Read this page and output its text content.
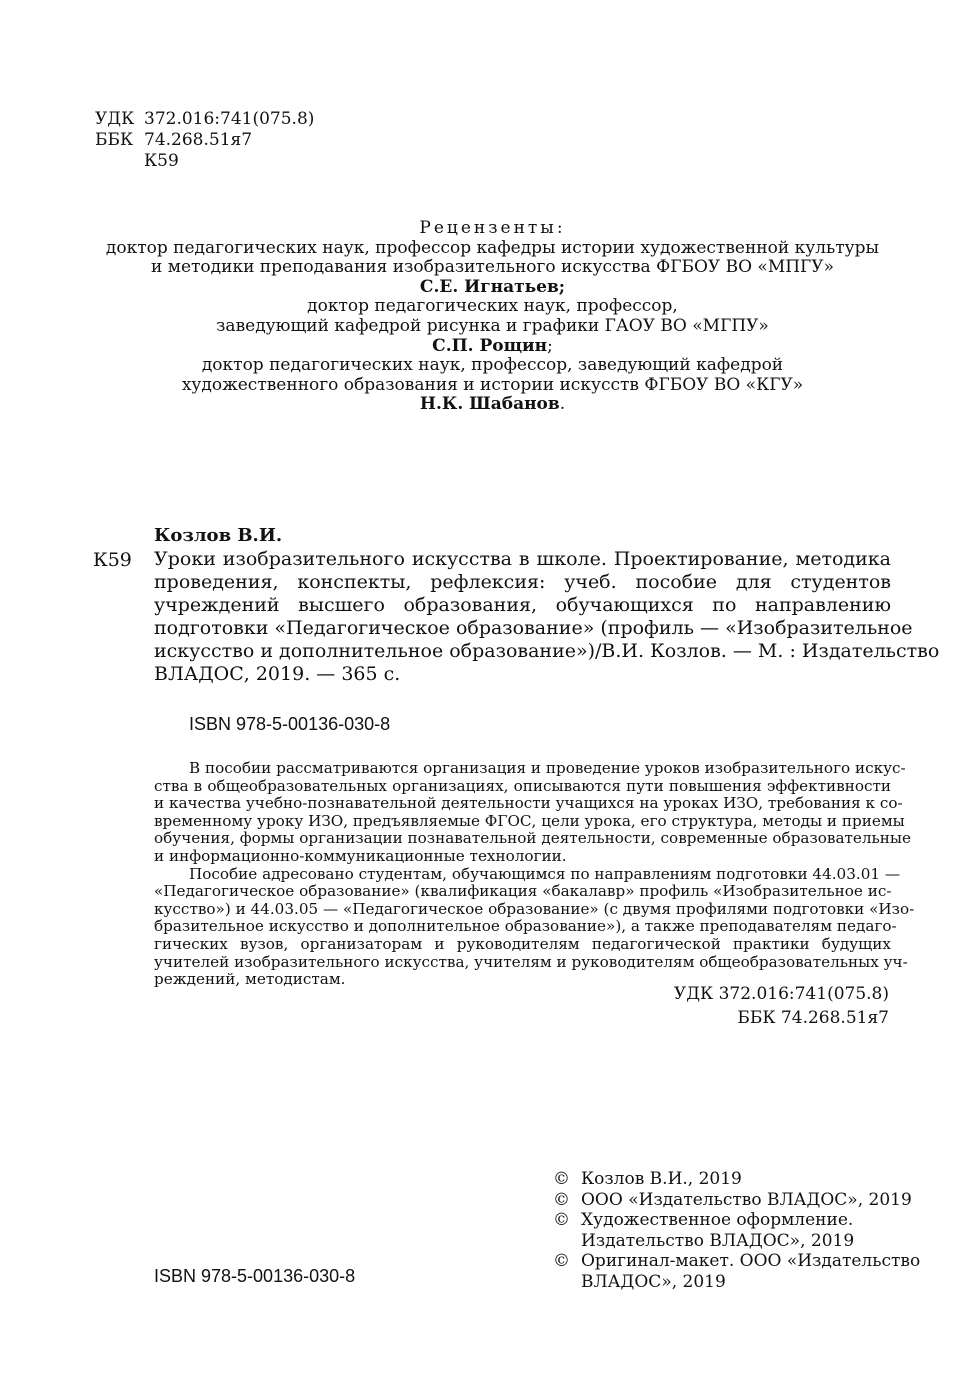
УДК 372.016:741(075.8)
ББК 74.268.51я7
К59
Рецензенты:
доктор педагогических наук, профессор кафедры истории художественной культуры
и методики преподавания изобразительного искусства ФГБОУ ВО «МПГУ»
С.Е. Игнатьев;
доктор педагогических наук, профессор,
заведующий кафедрой рисунка и графики ГАОУ ВО «МГПУ»
С.П. Рощин;
доктор педагогических наук, профессор, заведующий кафедрой
художественного образования и истории искусств ФГБОУ ВО «КГУ»
Н.К. Шабанов.
Козлов В.И.
К59 Уроки изобразительного искусства в школе. Проектирование, методика
проведения, конспекты, рефлексия: учеб. пособие для студентов
учреждений высшего образования, обучающихся по направлению
подготовки «Педагогическое образование» (профиль — «Изобразительное
искусство и дополнительное образование»)/В.И. Козлов. — М. : Издательство
ВЛАДОС, 2019. — 365 с.
ISBN 978-5-00136-030-8
В пособии рассматриваются организация и проведение уроков изобразительного искус-
ства в общеобразовательных организациях, описываются пути повышения эффективности
и качества учебно-познавательной деятельности учащихся на уроках ИЗО, требования к со-
временному уроку ИЗО, предъявляемые ФГОС, цели урока, его структура, методы и приемы
обучения, формы организации познавательной деятельности, современные образовательные
и информационно-коммуникационные технологии.
Пособие адресовано студентам, обучающимся по направлениям подготовки 44.03.01 —
«Педагогическое образование» (квалификация «бакалавр» профиль «Изобразительное ис-
кусство») и 44.03.05 — «Педагогическое образование» (с двумя профилями подготовки «Изо-
бразительное искусство и дополнительное образование»), а также преподавателям педаго-
гических вузов, организаторам и руководителям педагогической практики будущих
учителей изобразительного искусства, учителям и руководителям общеобразовательных уч-
реждений, методистам.
УДК 372.016:741(075.8)
ББК 74.268.51я7
© Козлов В.И., 2019
© ООО «Издательство ВЛАДОС», 2019
© Художественное оформление.
Издательство ВЛАДОС», 2019
© Оригинал-макет. ООО «Издательство
ВЛАДОС», 2019
ISBN 978-5-00136-030-8
